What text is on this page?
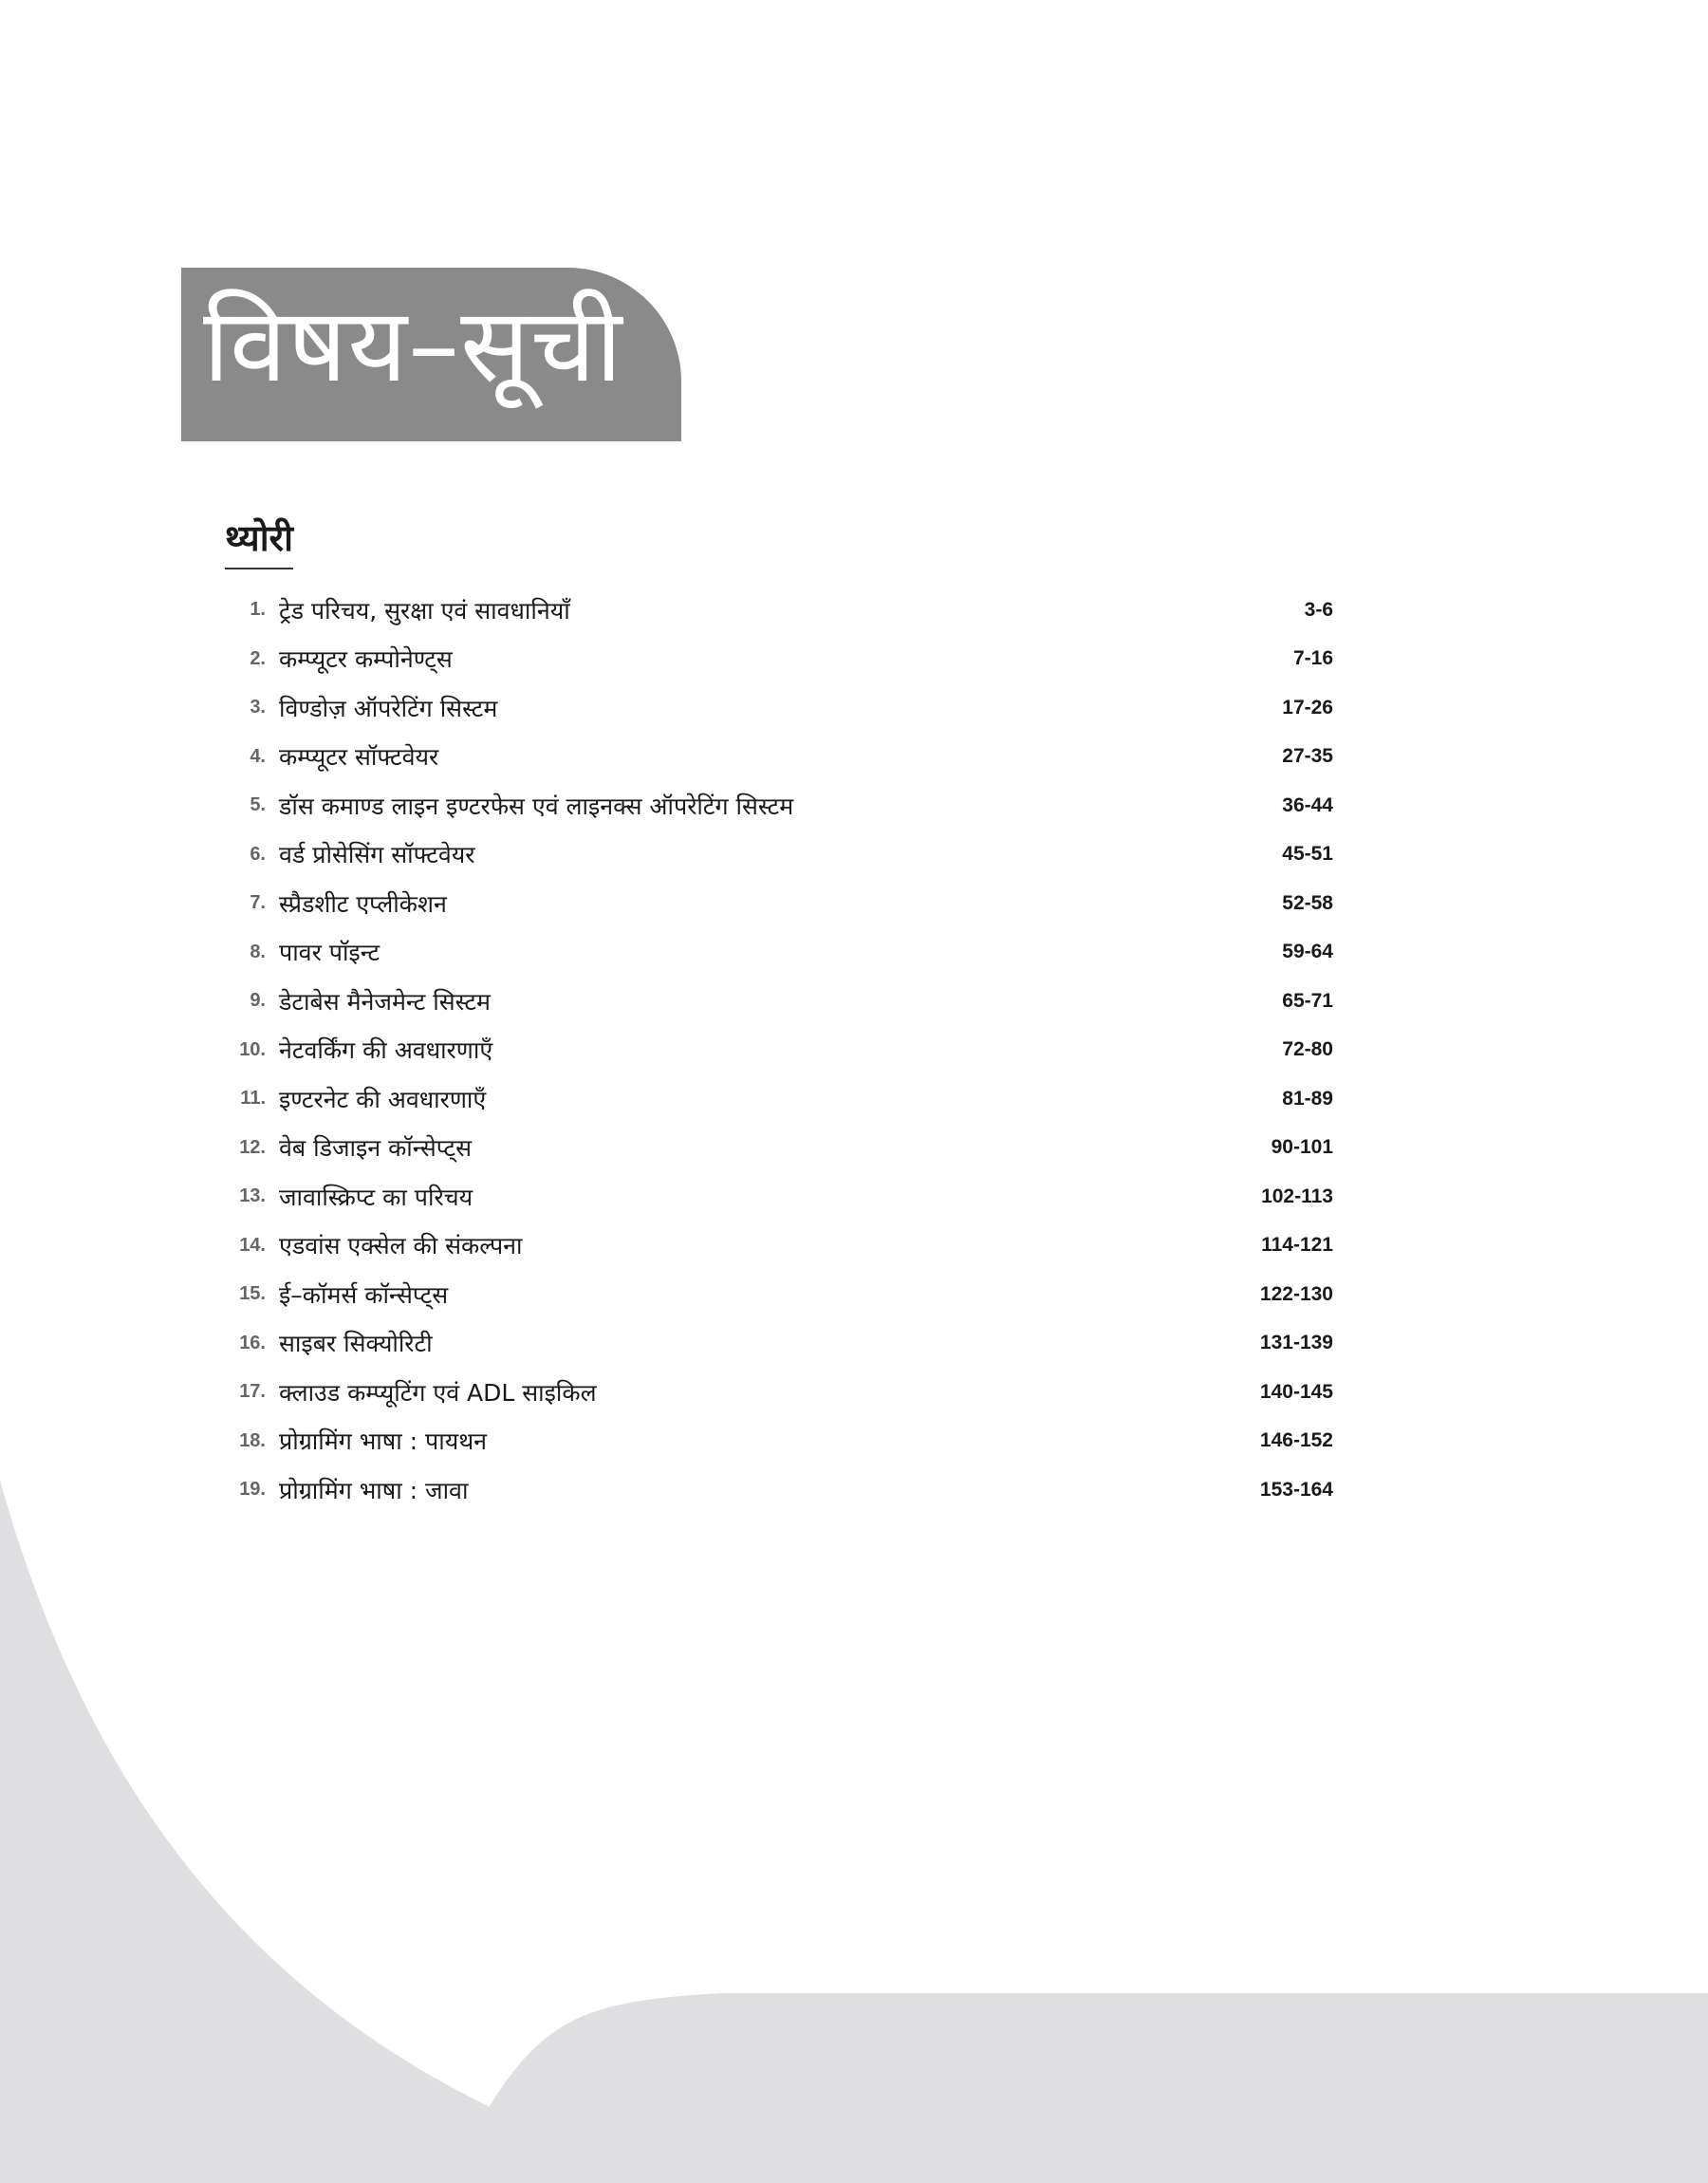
विषय–सूची
थ्योरी
1. ट्रेड परिचय, सुरक्षा एवं सावधानियाँ	3-6
2. कम्प्यूटर कम्पोनेण्ट्स	7-16
3. विण्डोज़ ऑपरेटिंग सिस्टम	17-26
4. कम्प्यूटर सॉफ्टवेयर	27-35
5. डॉस कमाण्ड लाइन इण्टरफेस एवं लाइनक्स ऑपरेटिंग सिस्टम	36-44
6. वर्ड प्रोसेसिंग सॉफ्टवेयर	45-51
7. स्प्रैडशीट एप्लीकेशन	52-58
8. पावर पॉइन्ट	59-64
9. डेटाबेस मैनेजमेन्ट सिस्टम	65-71
10. नेटवर्किंग की अवधारणाएँ	72-80
11. इण्टरनेट की अवधारणाएँ	81-89
12. वेब डिजाइन कॉन्सेप्ट्स	90-101
13. जावास्क्रिप्ट का परिचय	102-113
14. एडवांस एक्सेल की संकल्पना	114-121
15. ई–कॉमर्स कॉन्सेप्ट्स	122-130
16. साइबर सिक्योरिटी	131-139
17. क्लाउड कम्प्यूटिंग एवं ADL साइकिल	140-145
18. प्रोग्रामिंग भाषा : पायथन	146-152
19. प्रोग्रामिंग भाषा : जावा	153-164
